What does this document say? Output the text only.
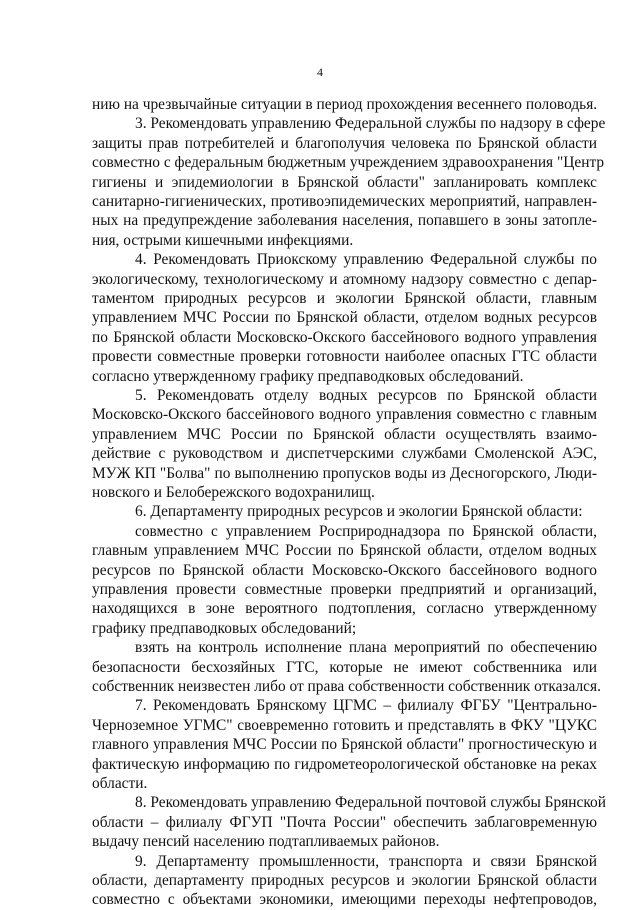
4
нию на чрезвычайные ситуации в период прохождения весеннего половодья.
3. Рекомендовать управлению Федеральной службы по надзору в сфере
защиты прав потребителей и благополучия человека по Брянской области
совместно с федеральным бюджетным учреждением здравоохранения "Центр
гигиены и эпидемиологии в Брянской области" запланировать комплекс
санитарно-гигиенических, противоэпидемических мероприятий, направлен-
ных на предупреждение заболевания населения, попавшего в зоны затопле-
ния, острыми кишечными инфекциями.
4. Рекомендовать Приокскому управлению Федеральной службы по
экологическому, технологическому и атомному надзору совместно с депар-
таментом природных ресурсов и экологии Брянской области, главным
управлением МЧС России по Брянской области, отделом водных ресурсов
по Брянской области Московско-Окского бассейнового водного управления
провести совместные проверки готовности наиболее опасных ГТС области
согласно утвержденному графику предпаводковых обследований.
5. Рекомендовать отделу водных ресурсов по Брянской области
Московско-Окского бассейнового водного управления совместно с главным
управлением МЧС России по Брянской области осуществлять взаимо-
действие с руководством и диспетчерскими службами Смоленской АЭС,
МУЖ КП "Болва" по выполнению пропусков воды из Десногорского, Люди-
новского и Белобережского водохранилищ.
6. Департаменту природных ресурсов и экологии Брянской области:
совместно с управлением Росприроднадзора по Брянской области,
главным управлением МЧС России по Брянской области, отделом водных
ресурсов по Брянской области Московско-Окского бассейнового водного
управления провести совместные проверки предприятий и организаций,
находящихся в зоне вероятного подтопления, согласно утвержденному
графику предпаводковых обследований;
взять на контроль исполнение плана мероприятий по обеспечению
безопасности бесхозяйных ГТС, которые не имеют собственника или
собственник неизвестен либо от права собственности собственник отказался.
7. Рекомендовать Брянскому ЦГМС – филиалу ФГБУ "Центрально-
Черноземное УГМС" своевременно готовить и представлять в ФКУ "ЦУКС
главного управления МЧС России по Брянской области" прогностическую и
фактическую информацию по гидрометеорологической обстановке на реках
области.
8. Рекомендовать управлению Федеральной почтовой службы Брянской
области – филиалу ФГУП "Почта России" обеспечить заблаговременную
выдачу пенсий населению подтапливаемых районов.
9. Департаменту промышленности, транспорта и связи Брянской
области, департаменту природных ресурсов и экологии Брянской области
совместно с объектами экономики, имеющими переходы нефтепроводов,
